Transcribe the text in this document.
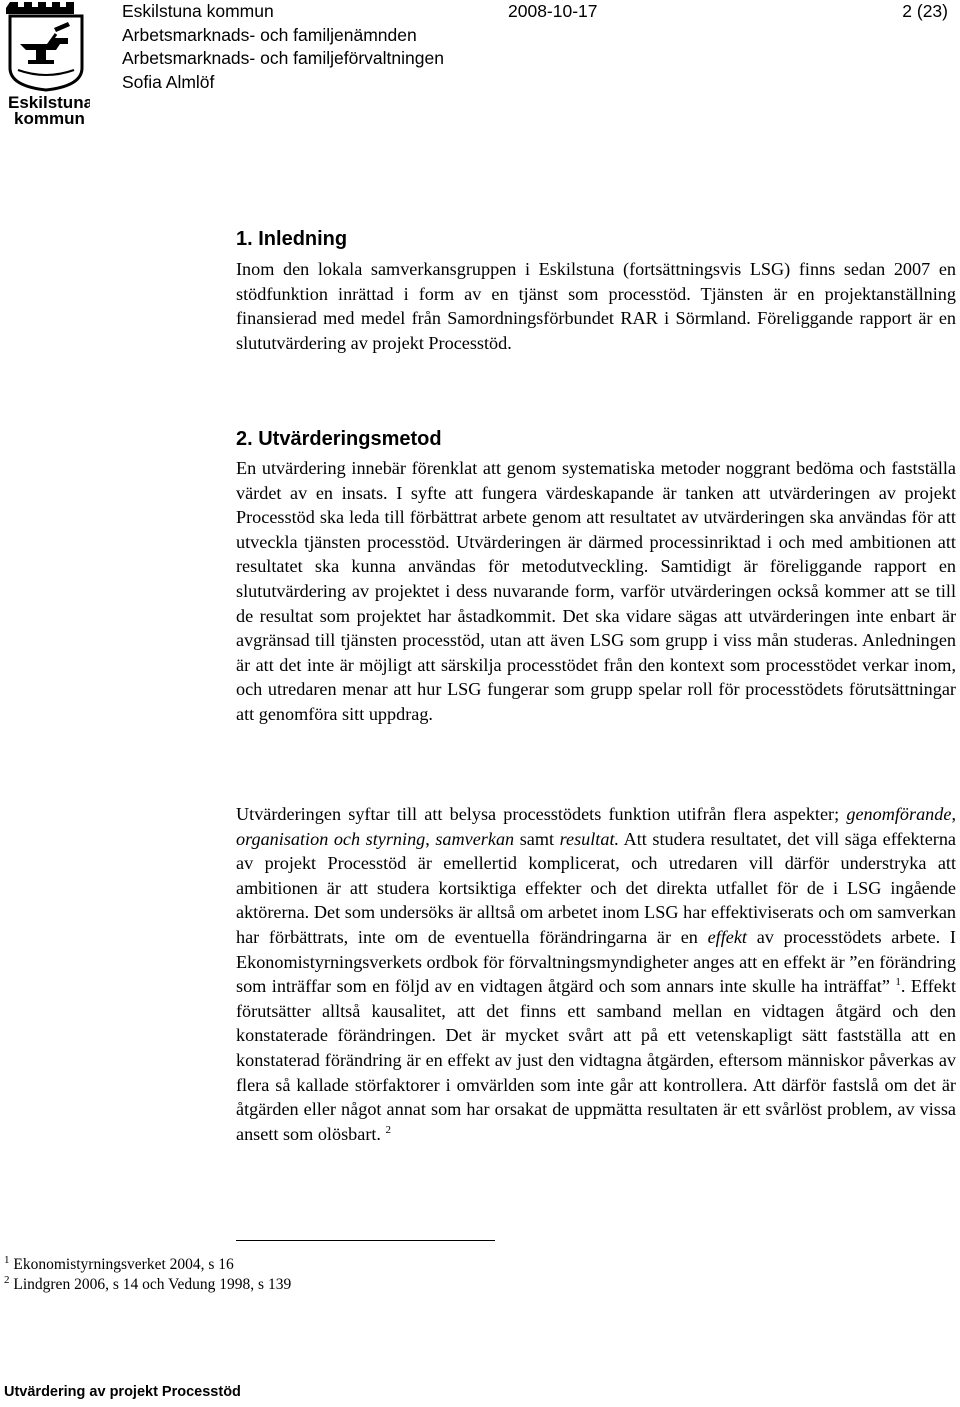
Eskilstuna
kommun
Eskilstuna kommun	2008-10-17	2 (23)
Arbetsmarknads- och familjenämnden
Arbetsmarknads- och familjeförvaltningen
Sofia Almlöf
1. Inledning

Inom den lokala samverkansgruppen i Eskilstuna (fortsättningsvis LSG) finns sedan 2007 en stödfunktion inrättad i form av en tjänst som processtöd. Tjänsten är en projektanställning finansierad med medel från Samordningsförbundet RAR i Sörmland. Föreliggande rapport är en slututvärdering av projekt Processtöd.

2. Utvärderingsmetod

En utvärdering innebär förenklat att genom systematiska metoder noggrant bedöma och fastställa värdet av en insats. I syfte att fungera värdeskapande är tanken att utvärderingen av projekt Processtöd ska leda till förbättrat arbete genom att resultatet av utvärderingen ska användas för att utveckla tjänsten processtöd. Utvärderingen är därmed processinriktad i och med ambitionen att resultatet ska kunna användas för metodutveckling. Samtidigt är föreliggande rapport en slututvärdering av projektet i dess nuvarande form, varför utvärderingen också kommer att se till de resultat som projektet har åstadkommit. Det ska vidare sägas att utvärderingen inte enbart är avgränsad till tjänsten processtöd, utan att även LSG som grupp i viss mån studeras. Anledningen är att det inte är möjligt att särskilja processtödet från den kontext som processtödet verkar inom, och utredaren menar att hur LSG fungerar som grupp spelar roll för processtödets förutsättningar att genomföra sitt uppdrag.

Utvärderingen syftar till att belysa processtödets funktion utifrån flera aspekter; genomförande, organisation och styrning, samverkan samt resultat. Att studera resultatet, det vill säga effekterna av projekt Processtöd är emellertid komplicerat, och utredaren vill därför understryka att ambitionen är att studera kortsiktiga effekter och det direkta utfallet för de i LSG ingående aktörerna. Det som undersöks är alltså om arbetet inom LSG har effektiviserats och om samverkan har förbättrats, inte om de eventuella förändringarna är en effekt av processtödets arbete. I Ekonomistyrningsverkets ordbok för förvaltningsmyndigheter anges att en effekt är ”en förändring som inträffar som en följd av en vidtagen åtgärd och som annars inte skulle ha inträffat” $^1$. Effekt förutsätter alltså kausalitet, att det finns ett samband mellan en vidtagen åtgärd och den konstaterade förändringen. Det är mycket svårt att på ett vetenskapligt sätt fastställa att en konstaterad förändring är en effekt av just den vidtagna åtgärden, eftersom människor påverkas av flera så kallade störfaktorer i omvärlden som inte går att kontrollera. Att därför fastslå om det är åtgärden eller något annat som har orsakat de uppmätta resultaten är ett svårlöst problem, av vissa ansett som olösbart. $^2$

$^1$ Ekonomistyrningsverket 2004, s 16
$^2$ Lindgren 2006, s 14 och Vedung 1998, s 139
Utvärdering av projekt Processtöd
